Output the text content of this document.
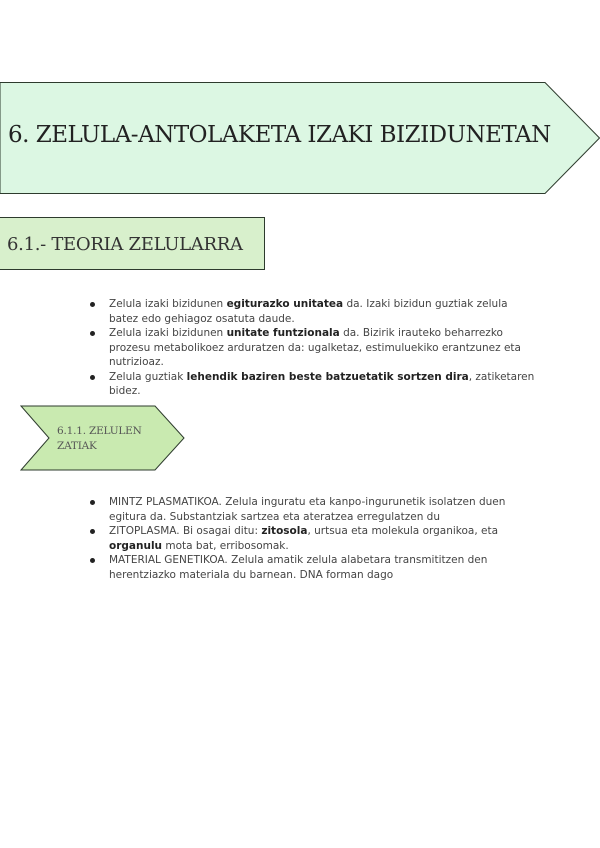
6. ZELULA-ANTOLAKETA IZAKI BIZIDUNETAN
6.1.- TEORIA ZELULARRA
Zelula izaki bizidunen egiturazko unitatea da. Izaki bizidun guztiak zelula batez edo gehiagoz osatuta daude.
Zelula izaki bizidunen unitate funtzionala da. Bizirik irauteko beharrezko prozesu metabolikoez arduratzen da: ugalketaz, estimuluekiko erantzunez eta nutrizioaz.
Zelula guztiak lehendik baziren beste batzuetatik sortzen dira, zatiketaren bidez.
6.1.1. ZELULEN
ZATIAK
MINTZ PLASMATIKOA. Zelula inguratu eta kanpo-ingurunetik isolatzen duen egitura da. Substantziak sartzea eta ateratzea erregulatzen du
ZITOPLASMA. Bi osagai ditu: zitosola, urtsua eta molekula organikoa, eta organulu mota bat, erribosomak.
MATERIAL GENETIKOA. Zelula amatik zelula alabetara transmititzen den herentziazko materiala du barnean. DNA forman dago
